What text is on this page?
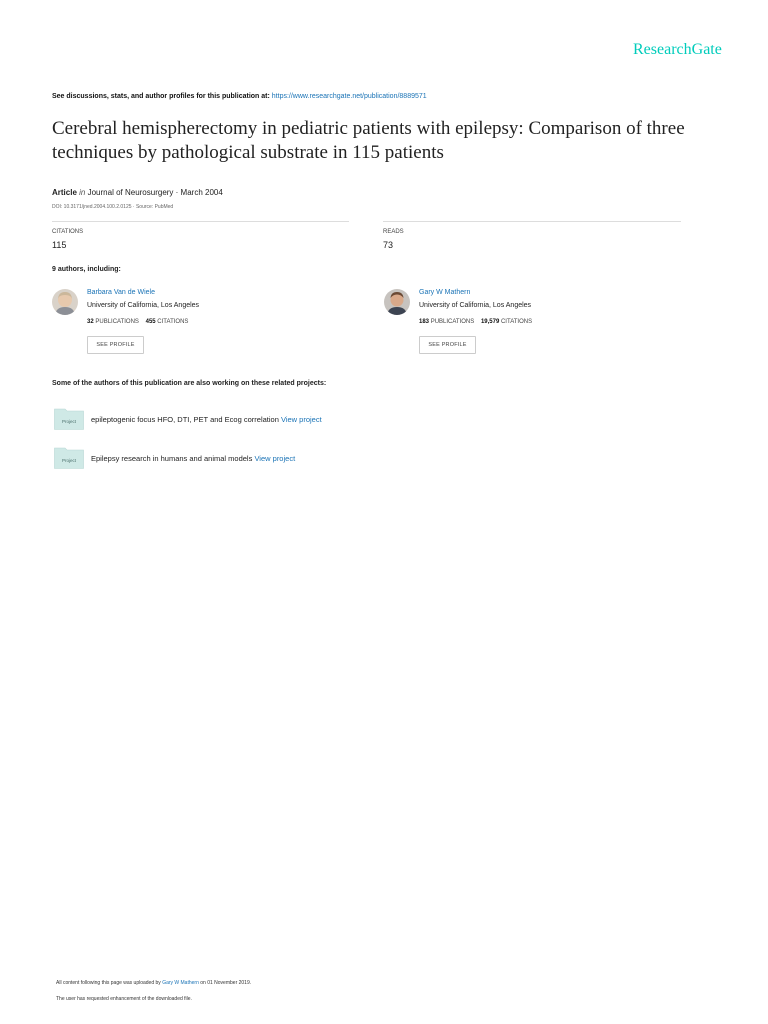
ResearchGate
See discussions, stats, and author profiles for this publication at: https://www.researchgate.net/publication/8889571
Cerebral hemispherectomy in pediatric patients with epilepsy: Comparison of three techniques by pathological substrate in 115 patients
Article in Journal of Neurosurgery · March 2004
DOI: 10.3171/jned.2004.100.2.0125 · Source: PubMed
CITATIONS
115
READS
73
9 authors, including:
Barbara Van de Wiele
University of California, Los Angeles
32 PUBLICATIONS 455 CITATIONS
SEE PROFILE
Gary W Mathern
University of California, Los Angeles
183 PUBLICATIONS 19,579 CITATIONS
SEE PROFILE
Some of the authors of this publication are also working on these related projects:
Project epileptogenic focus HFO, DTI, PET and Ecog correlation View project
Project Epilepsy research in humans and animal models View project
All content following this page was uploaded by Gary W Mathern on 01 November 2019.
The user has requested enhancement of the downloaded file.
